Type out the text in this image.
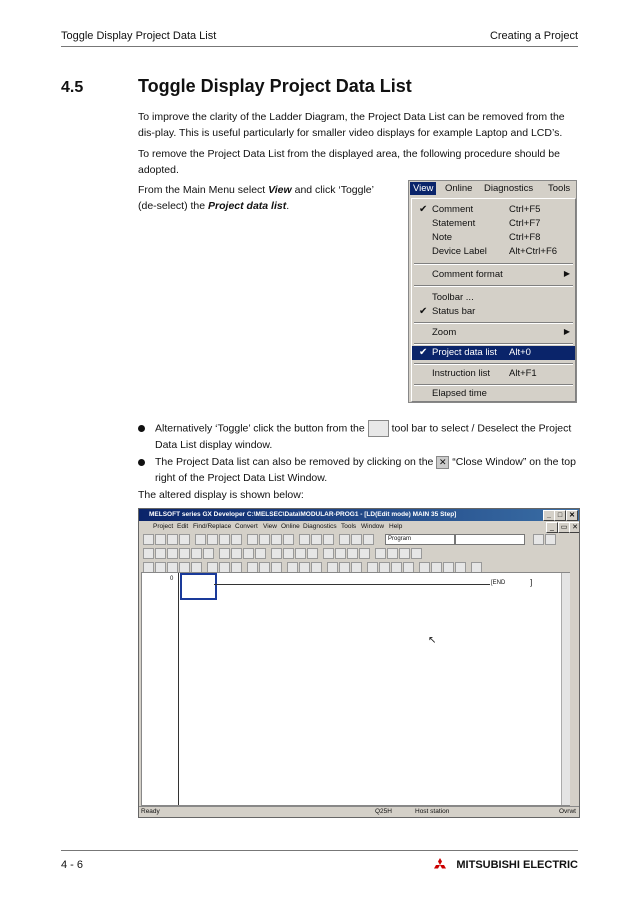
Toggle Display Project Data List	Creating a Project
4.5	Toggle Display Project Data List
To improve the clarity of the Ladder Diagram, the Project Data List can be removed from the dis-play. This is useful particularly for smaller video displays for example Laptop and LCD’s.
To remove the Project Data List from the displayed area, the following procedure should be adopted.
From the Main Menu select View and click ‘Toggle’ (de-select) the Project data list.
View	Online Diagnostics Tools
✔ Comment	Ctrl+F5
Statement	Ctrl+F7
Note	Ctrl+F8
Device Label Alt+Ctrl+F6
Comment format	▶
Toolbar ...
✔ Status bar
Zoom	▶
✔ Project data list Alt+0
Instruction list Alt+F1
Elapsed time
Alternatively ‘Toggle’ click the button from the	tool bar to select / Deselect the Project Data List display window.
The Project Data list can also be removed by clicking on the ✕ “Close Window” on the top right of the Project Data List Window.
The altered display is shown below:
MELSOFT series GX Developer C:\MELSEC\Data\MODULAR-PROG1 - [LD(Edit mode) MAIN 35 Step]	_ □ ✕
Project Edit Find/Replace Convert View Online Diagnostics Tools Window Help	_ ▭ ✕
Program
0
[END	]
↖
Ready	Q25H	Host station	Ovrwt
4 - 6	MITSUBISHI ELECTRIC
